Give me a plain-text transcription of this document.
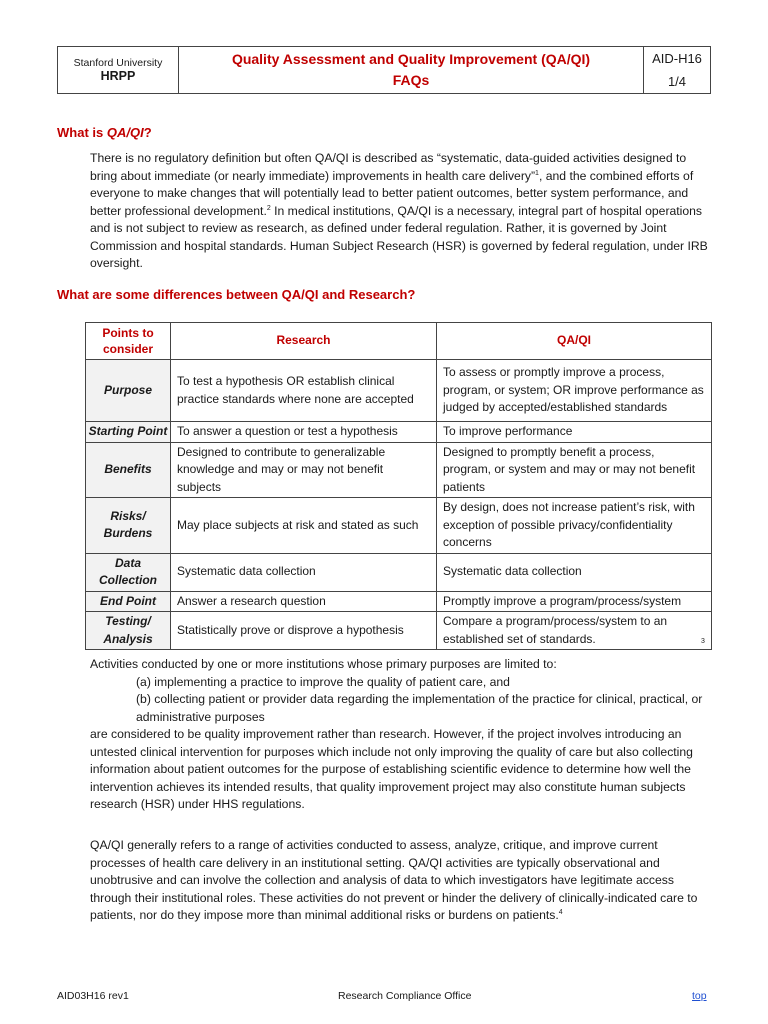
Stanford University
HRPP
Quality Assessment and Quality Improvement (QA/QI)
FAQs
AID-H16
1/4
What is QA/QI?

There is no regulatory definition but often QA/QI is described as “systematic, data-guided activities designed to bring about immediate (or nearly immediate) improvements in health care delivery”$^1$, and the combined efforts of everyone to make changes that will potentially lead to better patient outcomes, better system performance, and better professional development.$^2$ In medical institutions, QA/QI is a necessary, integral part of hospital operations and is not subject to review as research, as defined under federal regulation. Rather, it is governed by Joint Commission and hospital standards. Human Subject Research (HSR) is governed by federal regulation, under IRB oversight.

What are some differences between QA/QI and Research?
Points to consider	Research	QA/QI
Purpose	To test a hypothesis OR establish clinical practice standards where none are accepted	To assess or promptly improve a process, program, or system; OR improve performance as judged by accepted/established standards
Starting Point	To answer a question or test a hypothesis	To improve performance
Benefits	Designed to contribute to generalizable knowledge and may or may not benefit subjects	Designed to promptly benefit a process, program, or system and may or may not benefit patients
Risks/ Burdens	May place subjects at risk and stated as such	By design, does not increase patient’s risk, with exception of possible privacy/confidentiality concerns
Data Collection	Systematic data collection	Systematic data collection
End Point	Answer a research question	Promptly improve a program/process/system
Testing/ Analysis	Statistically prove or disprove a hypothesis	Compare a program/process/system to an established set of standards.	3
Activities conducted by one or more institutions whose primary purposes are limited to:
(a) implementing a practice to improve the quality of patient care, and
(b) collecting patient or provider data regarding the implementation of the practice for clinical, practical, or administrative purposes
are considered to be quality improvement rather than research. However, if the project involves introducing an untested clinical intervention for purposes which include not only improving the quality of care but also collecting information about patient outcomes for the purpose of establishing scientific evidence to determine how well the intervention achieves its intended results, that quality improvement project may also constitute human subjects research (HSR) under HHS regulations.

QA/QI generally refers to a range of activities conducted to assess, analyze, critique, and improve current processes of health care delivery in an institutional setting. QA/QI activities are typically observational and unobtrusive and can involve the collection and analysis of data to which investigators have legitimate access through their institutional roles. These activities do not prevent or hinder the delivery of clinically-indicated care to patients, nor do they impose more than minimal additional risks or burdens on patients.$^4$

AID03H16 rev1	Research Compliance Office	top
